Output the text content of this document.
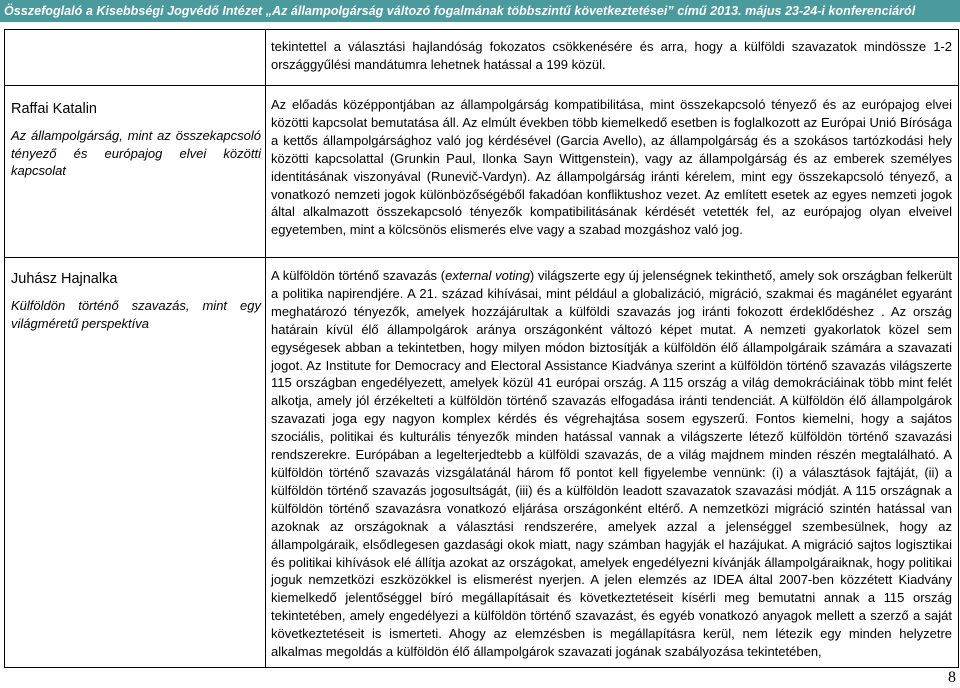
Összefoglaló a Kisebbségi Jogvédő Intézet „Az állampolgárság változó fogalmának többszintű következtetései” című 2013. május 23-24-i konferenciáról
tekintettel a választási hajlandóság fokozatos csökkenésére és arra, hogy a külföldi szavazatok mindössze 1-2 országgyűlési mandátumra lehetnek hatással a 199 közül.
Raffai Katalin
Az állampolgárság, mint az összekapcsoló tényező és európajog elvei közötti kapcsolat
Az előadás középpontjában az állampolgárság kompatibilitása, mint összekapcsoló tényező és az európajog elvei közötti kapcsolat bemutatása áll. Az elmúlt években több kiemelkedő esetben is foglalkozott az Európai Unió Bírósága a kettős állampolgársághoz való jog kérdésével (Garcia Avello), az állampolgárság és a szokásos tartózkodási hely közötti kapcsolattal (Grunkin Paul, Ilonka Sayn Wittgenstein), vagy az állampolgárság és az emberek személyes identitásának viszonyával (Runevič-Vardyn). Az állampolgárság iránti kérelem, mint egy összekapcsoló tényező, a vonatkozó nemzeti jogok különbözőségéből fakadóan konfliktushoz vezet. Az említett esetek az egyes nemzeti jogok által alkalmazott összekapcsoló tényezők kompatibilitásának kérdését vetették fel, az európajog olyan elveivel egyetemben, mint a kölcsönös elismerés elve vagy a szabad mozgáshoz való jog.
Juhász Hajnalka
Külföldön történő szavazás, mint egy világméretű perspektíva
A külföldön történő szavazás (external voting) világszerte egy új jelenségnek tekinthető, amely sok országban felkerült a politika napirendjére. A 21. század kihívásai, mint például a globalizáció, migráció, szakmai és magánélet egyaránt meghatározó tényezők, amelyek hozzájárultak a külföldi szavazás jog iránti fokozott érdeklődéshez . Az ország határain kívül élő állampolgárok aránya országonként változó képet mutat. A nemzeti gyakorlatok közel sem egységesek abban a tekintetben, hogy milyen módon biztosítják a külföldön élő állampolgáraik számára a szavazati jogot. Az Institute for Democracy and Electoral Assistance Kiadványa szerint a külföldön történő szavazás világszerte 115 országban engedélyezett, amelyek közül 41 európai ország. A 115 ország a világ demokráciáinak több mint felét alkotja, amely jól érzékelteti a külföldön történő szavazás elfogadása iránti tendenciát. A külföldön élő állampolgárok szavazati joga egy nagyon komplex kérdés és végrehajtása sosem egyszerű. Fontos kiemelni, hogy a sajátos szociális, politikai és kulturális tényezők minden hatással vannak a világszerte létező külföldön történő szavazási rendszerekre. Európában a legelterjedtebb a külföldi szavazás, de a világ majdnem minden részén megtalálható. A külföldön történő szavazás vizsgálatánál három fő pontot kell figyelembe vennünk: (i) a választások fajtáját, (ii) a külföldön történő szavazás jogosultságát, (iii) és a külföldön leadott szavazatok szavazási módját. A 115 országnak a külföldön történő szavazásra vonatkozó eljárása országonként eltérő. A nemzetközi migráció szintén hatással van azoknak az országoknak a választási rendszerére, amelyek azzal a jelenséggel szembesülnek, hogy az állampolgáraik, elsődlegesen gazdasági okok miatt, nagy számban hagyják el hazájukat. A migráció sajtos logisztikai és politikai kihívások elé állítja azokat az országokat, amelyek engedélyezni kívánják állampolgáraiknak, hogy politikai joguk nemzetközi eszközökkel is elismerést nyerjen. A jelen elemzés az IDEA által 2007-ben közzétett Kiadvány kiemelkedő jelentőséggel bíró megállapításait és következtetéseit kísérli meg bemutatni annak a 115 ország tekintetében, amely engedélyezi a külföldön történő szavazást, és egyéb vonatkozó anyagok mellett a szerző a saját következtetéseit is ismerteti. Ahogy az elemzésben is megállapításra kerül, nem létezik egy minden helyzetre alkalmas megoldás a külföldön élő állampolgárok szavazati jogának szabályozása tekintetében,
8
